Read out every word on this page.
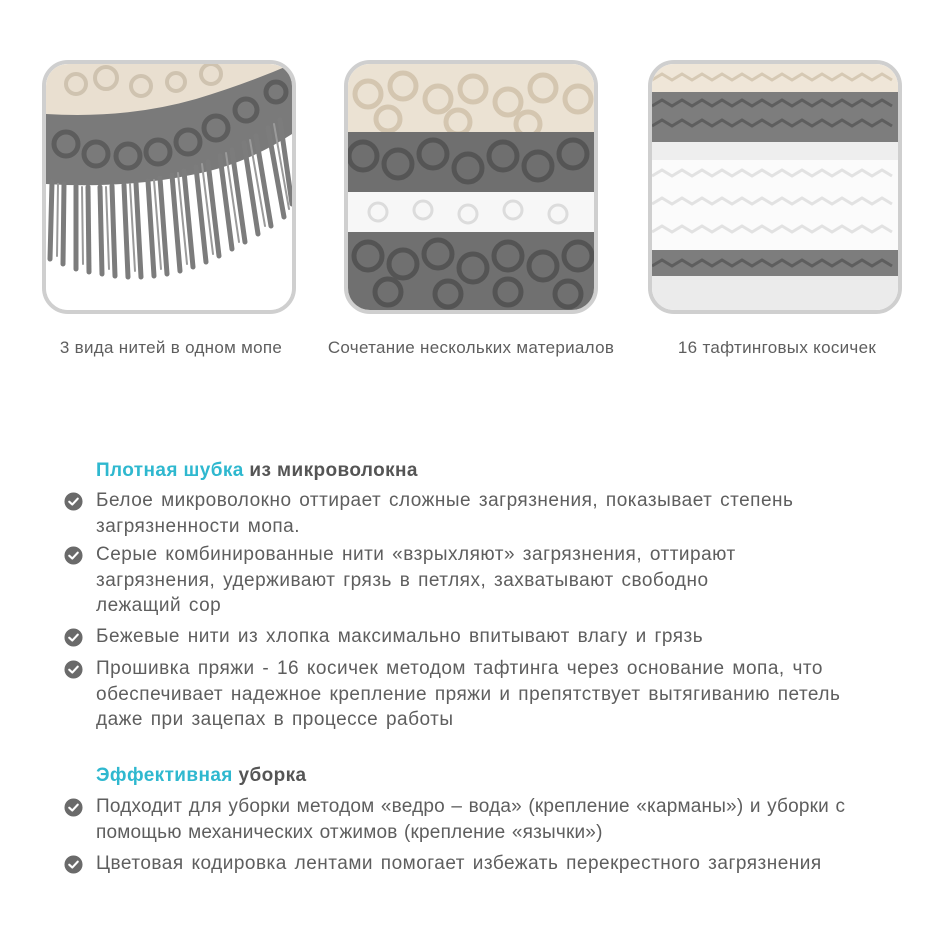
3 вида нитей в одном мопе	Сочетание нескольких материалов	16 тафтинговых косичек
Плотная шубка из микроволокна
Белое микроволокно оттирает сложные загрязнения, показывает степень загрязненности мопа.
Серые комбинированные нити «взрыхляют» загрязнения, оттирают загрязнения, удерживают грязь в петлях, захватывают свободно лежащий сор
Бежевые нити из хлопка максимально впитывают влагу и грязь
Прошивка пряжи - 16 косичек методом тафтинга через основание мопа, что обеспечивает надежное крепление пряжи и препятствует вытягиванию петель даже при зацепах в процессе работы
Эффективная уборка
Подходит для уборки методом «ведро – вода» (крепление «карманы») и уборки с помощью механических отжимов (крепление «язычки»)
Цветовая кодировка лентами помогает избежать перекрестного загрязнения
